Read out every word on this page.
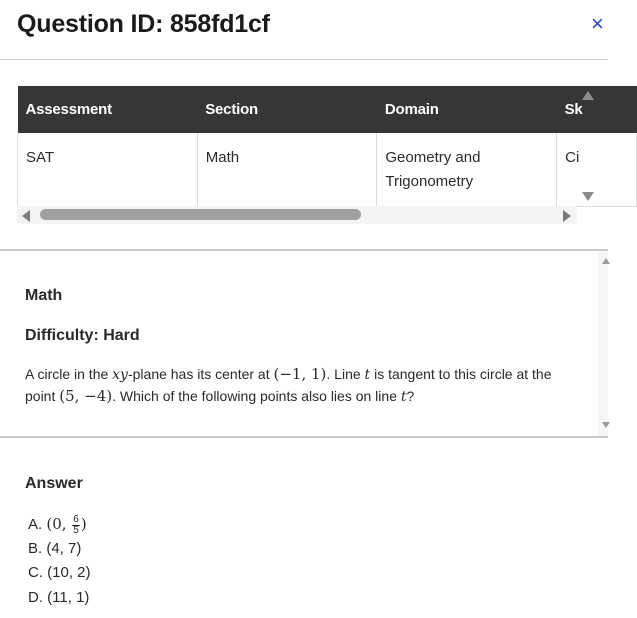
Question ID: 858fd1cf	×
Assessment	Section	Domain	Sk
SAT	Math	Geometry and Trigonometry	Ci
Math
Difficulty: Hard
A circle in the xy-plane has its center at (−1, 1). Line t is tangent to this circle at the point (5, −4). Which of the following points also lies on line t?
Answer
A. (0, $\frac{6}{5}$ )
B. (4, 7)
C. (10, 2)
D. (11, 1)
